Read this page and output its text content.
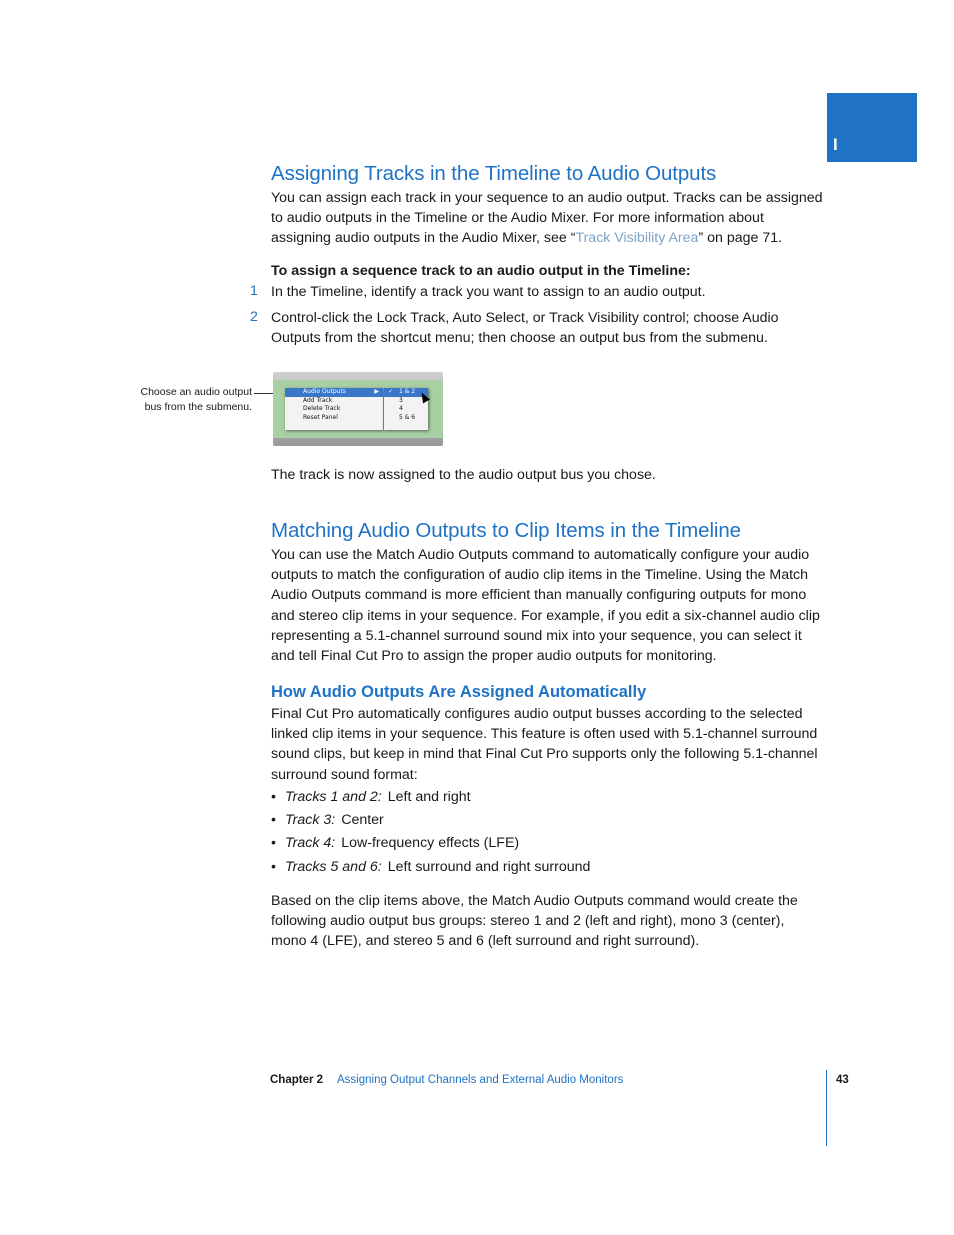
I
Assigning Tracks in the Timeline to Audio Outputs

You can assign each track in your sequence to an audio output. Tracks can be assigned
to audio outputs in the Timeline or the Audio Mixer. For more information about
assigning audio outputs in the Audio Mixer, see “Track Visibility Area” on page 71.

To assign a sequence track to an audio output in the Timeline:
1 In the Timeline, identify a track you want to assign to an audio output.
2 Control-click the Lock Track, Auto Select, or Track Visibility control; choose Audio
Outputs from the shortcut menu; then choose an output bus from the submenu.

Choose an audio output
bus from the submenu.
Audio Outputs	▶
Add Track
Delete Track
Reset Panel
✓ 1 & 2
3
4
5 & 6
The track is now assigned to the audio output bus you chose.
Matching Audio Outputs to Clip Items in the Timeline

You can use the Match Audio Outputs command to automatically configure your audio
outputs to match the configuration of audio clip items in the Timeline. Using the Match
Audio Outputs command is more efficient than manually configuring outputs for mono
and stereo clip items in your sequence. For example, if you edit a six-channel audio clip
representing a 5.1-channel surround sound mix into your sequence, you can select it
and tell Final Cut Pro to assign the proper audio outputs for monitoring.

How Audio Outputs Are Assigned Automatically

Final Cut Pro automatically configures audio output busses according to the selected
linked clip items in your sequence. This feature is often used with 5.1-channel surround
sound clips, but keep in mind that Final Cut Pro supports only the following 5.1-channel
surround sound format:

• Tracks 1 and 2: Left and right
• Track 3: Center
• Track 4: Low-frequency effects (LFE)
• Tracks 5 and 6: Left surround and right surround

Based on the clip items above, the Match Audio Outputs command would create the
following audio output bus groups: stereo 1 and 2 (left and right), mono 3 (center),
mono 4 (LFE), and stereo 5 and 6 (left surround and right surround).

Chapter 2 Assigning Output Channels and External Audio Monitors	43
